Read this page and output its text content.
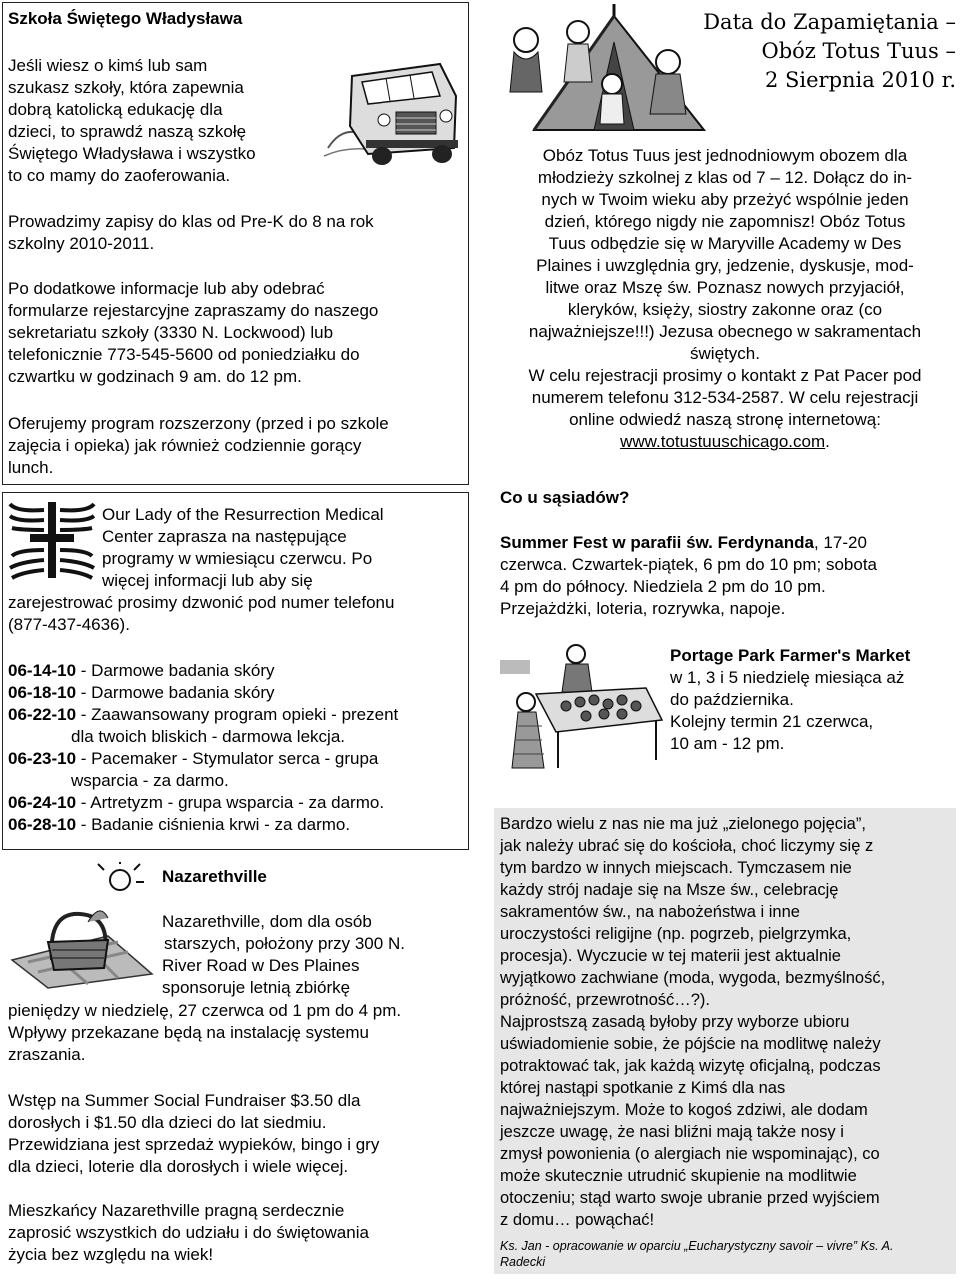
Szkoła Świętego Władysława

Jeśli wiesz o kimś lub sam

szukasz szkoły, która zapewnia

dobrą katolicką edukację dla

dzieci, to sprawdź naszą szkołę

Świętego Władysława i wszystko

to co mamy do zaoferowania.

Prowadzimy zapisy do klas od Pre-K do 8 na rok

szkolny 2010-2011.

Po dodatkowe informacje lub aby odebrać

formularze rejestarcyjne zapraszamy do naszego

sekretariatu szkoły (3330 N. Lockwood) lub

telefonicznie 773-545-5600 od poniedziałku do

czwartku w godzinach 9 am. do 12 pm.

Oferujemy program rozszerzony (przed i po szkole

zajęcia i opieka) jak również codziennie gorący

lunch.

Our Lady of the Resurrection Medical

Center zaprasza na następujące

programy w wmiesiącu czerwcu. Po

więcej informacji lub aby się

zarejestrować prosimy dzwonić pod numer telefonu

(877-437-4636).

06-14-10 - Darmowe badania skóry

06-18-10 - Darmowe badania skóry

06-22-10 - Zaawansowany program opieki - prezent

dla twoich bliskich - darmowa lekcja.

06-23-10 - Pacemaker - Stymulator serca - grupa

wsparcia - za darmo.

06-24-10 - Artretyzm - grupa wsparcia - za darmo.

06-28-10 - Badanie ciśnienia krwi - za darmo.

Nazarethville

Nazarethville, dom dla osób

starszych, położony przy 300 N.

River Road w Des Plaines

sponsoruje letnią zbiórkę

pieniędzy w niedzielę, 27 czerwca od 1 pm do 4 pm.

Wpływy przekazane będą na instalację systemu

zraszania.

Wstęp na Summer Social Fundraiser $3.50 dla

dorosłych i $1.50 dla dzieci do lat siedmiu.

Przewidziana jest sprzedaż wypieków, bingo i gry

dla dzieci, loterie dla dorosłych i wiele więcej.

Mieszkańcy Nazarethville pragną serdecznie

zaprosić wszystkich do udziału i do świętowania

życia bez względu na wiek!

Data do Zapamiętania –

Obóz Totus Tuus –

2 Sierpnia 2010 r.

Obóz Totus Tuus jest jednodniowym obozem dla

młodzieży szkolnej z klas od 7 – 12. Dołącz do in-

nych w Twoim wieku aby przeżyć wspólnie jeden

dzień, którego nigdy nie zapomnisz! Obóz Totus

Tuus odbędzie się w Maryville Academy w Des

Plaines i uwzględnia gry, jedzenie, dyskusje, mod-

litwe oraz Mszę św. Poznasz nowych przyjaciół,

kleryków, księży, siostry zakonne oraz (co

najważniejsze!!!) Jezusa obecnego w sakramentach

świętych.

W celu rejestracji prosimy o kontakt z Pat Pacer pod

numerem telefonu 312-534-2587. W celu rejestracji

online odwiedź naszą stronę internetową:

www.totustuuschicago.com.

Co u sąsiadów?

Summer Fest w parafii św. Ferdynanda, 17-20

czerwca. Czwartek-piątek, 6 pm do 10 pm; sobota

4 pm do północy. Niedziela 2 pm do 10 pm.

Przejażdżki, loteria, rozrywka, napoje.

Portage Park Farmer's Market

w 1, 3 i 5 niedzielę miesiąca aż

do października.

Kolejny termin 21 czerwca,

10 am - 12 pm.

Bardzo wielu z nas nie ma już „zielonego pojęcia”,

jak należy ubrać się do kościoła, choć liczymy się z

tym bardzo w innych miejscach. Tymczasem nie

każdy strój nadaje się na Msze św., celebrację

sakramentów św., na nabożeństwa i inne

uroczystości religijne (np. pogrzeb, pielgrzymka,

procesja). Wyczucie w tej materii jest aktualnie

wyjątkowo zachwiane (moda, wygoda, bezmyślność,

próżność, przewrotność…?).

Najprostszą zasadą byłoby przy wyborze ubioru

uświadomienie sobie, że pójście na modlitwę należy

potraktować tak, jak każdą wizytę oficjalną, podczas

której nastąpi spotkanie z Kimś dla nas

najważniejszym. Może to kogoś zdziwi, ale dodam

jeszcze uwagę, że nasi bliźni mają także nosy i

zmysł powonienia (o alergiach nie wspominając), co

może skutecznie utrudnić skupienie na modlitwie

otoczeniu; stąd warto swoje ubranie przed wyjściem

z domu… powąchać!

Ks. Jan - opracowanie w oparciu „Eucharystyczny savoir – vivre” Ks. A.

Radecki
